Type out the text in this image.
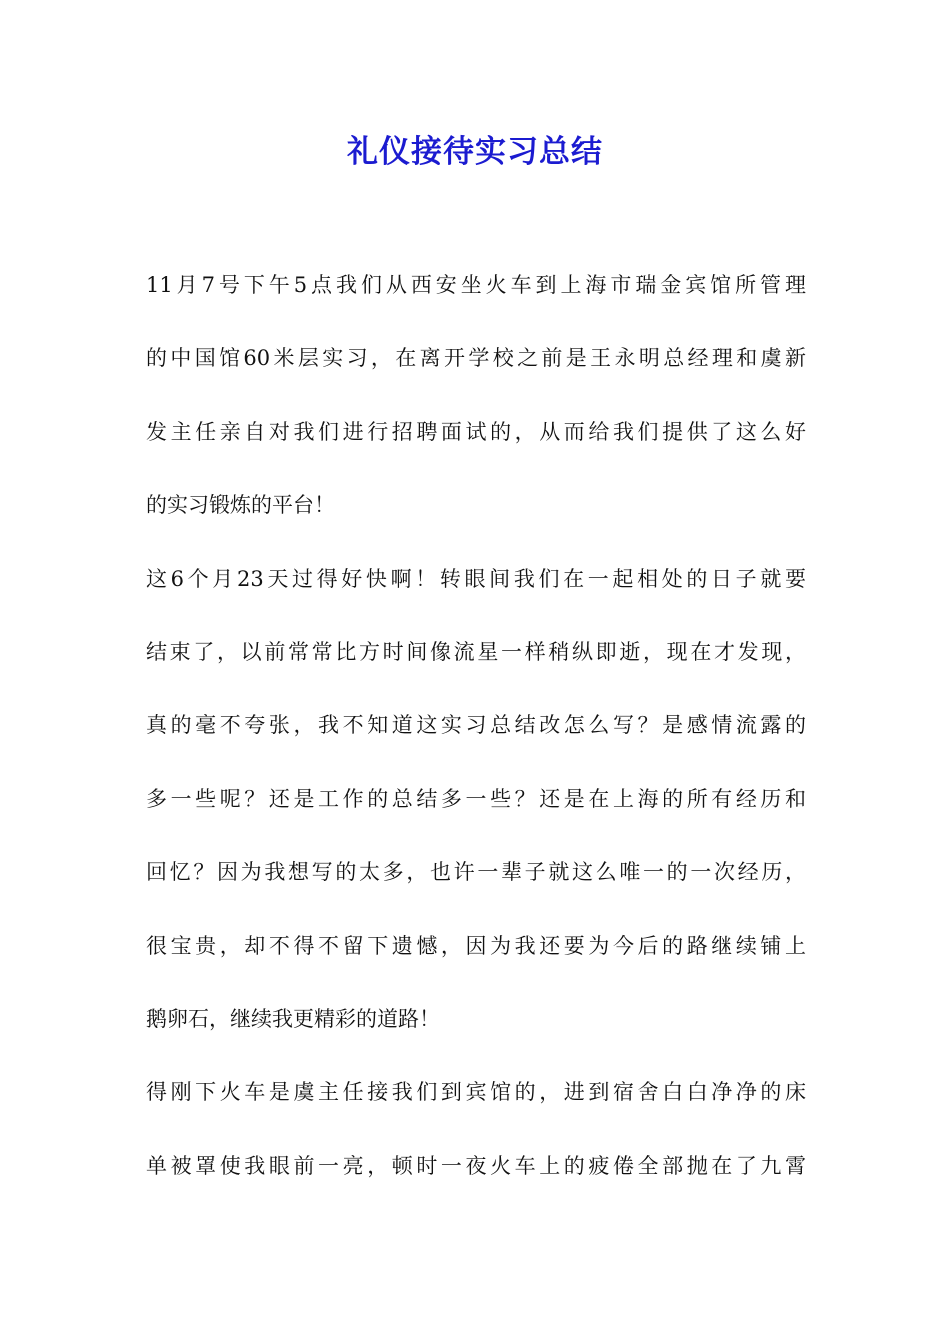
礼仪接待实习总结
11月7号下午5点我们从西安坐火车到上海市瑞金宾馆所管理
的中国馆60米层实习，在离开学校之前是王永明总经理和虞新
发主任亲自对我们进行招聘面试的，从而给我们提供了这么好
的实习锻炼的平台！
这6个月23天过得好快啊！转眼间我们在一起相处的日子就要
结束了，以前常常比方时间像流星一样稍纵即逝，现在才发现，
真的毫不夸张，我不知道这实习总结改怎么写？是感情流露的
多一些呢？还是工作的总结多一些？还是在上海的所有经历和
回忆？因为我想写的太多，也许一辈子就这么唯一的一次经历，
很宝贵，却不得不留下遗憾，因为我还要为今后的路继续铺上
鹅卵石，继续我更精彩的道路！
得刚下火车是虞主任接我们到宾馆的，进到宿舍白白净净的床
单被罩使我眼前一亮，顿时一夜火车上的疲倦全部抛在了九霄
